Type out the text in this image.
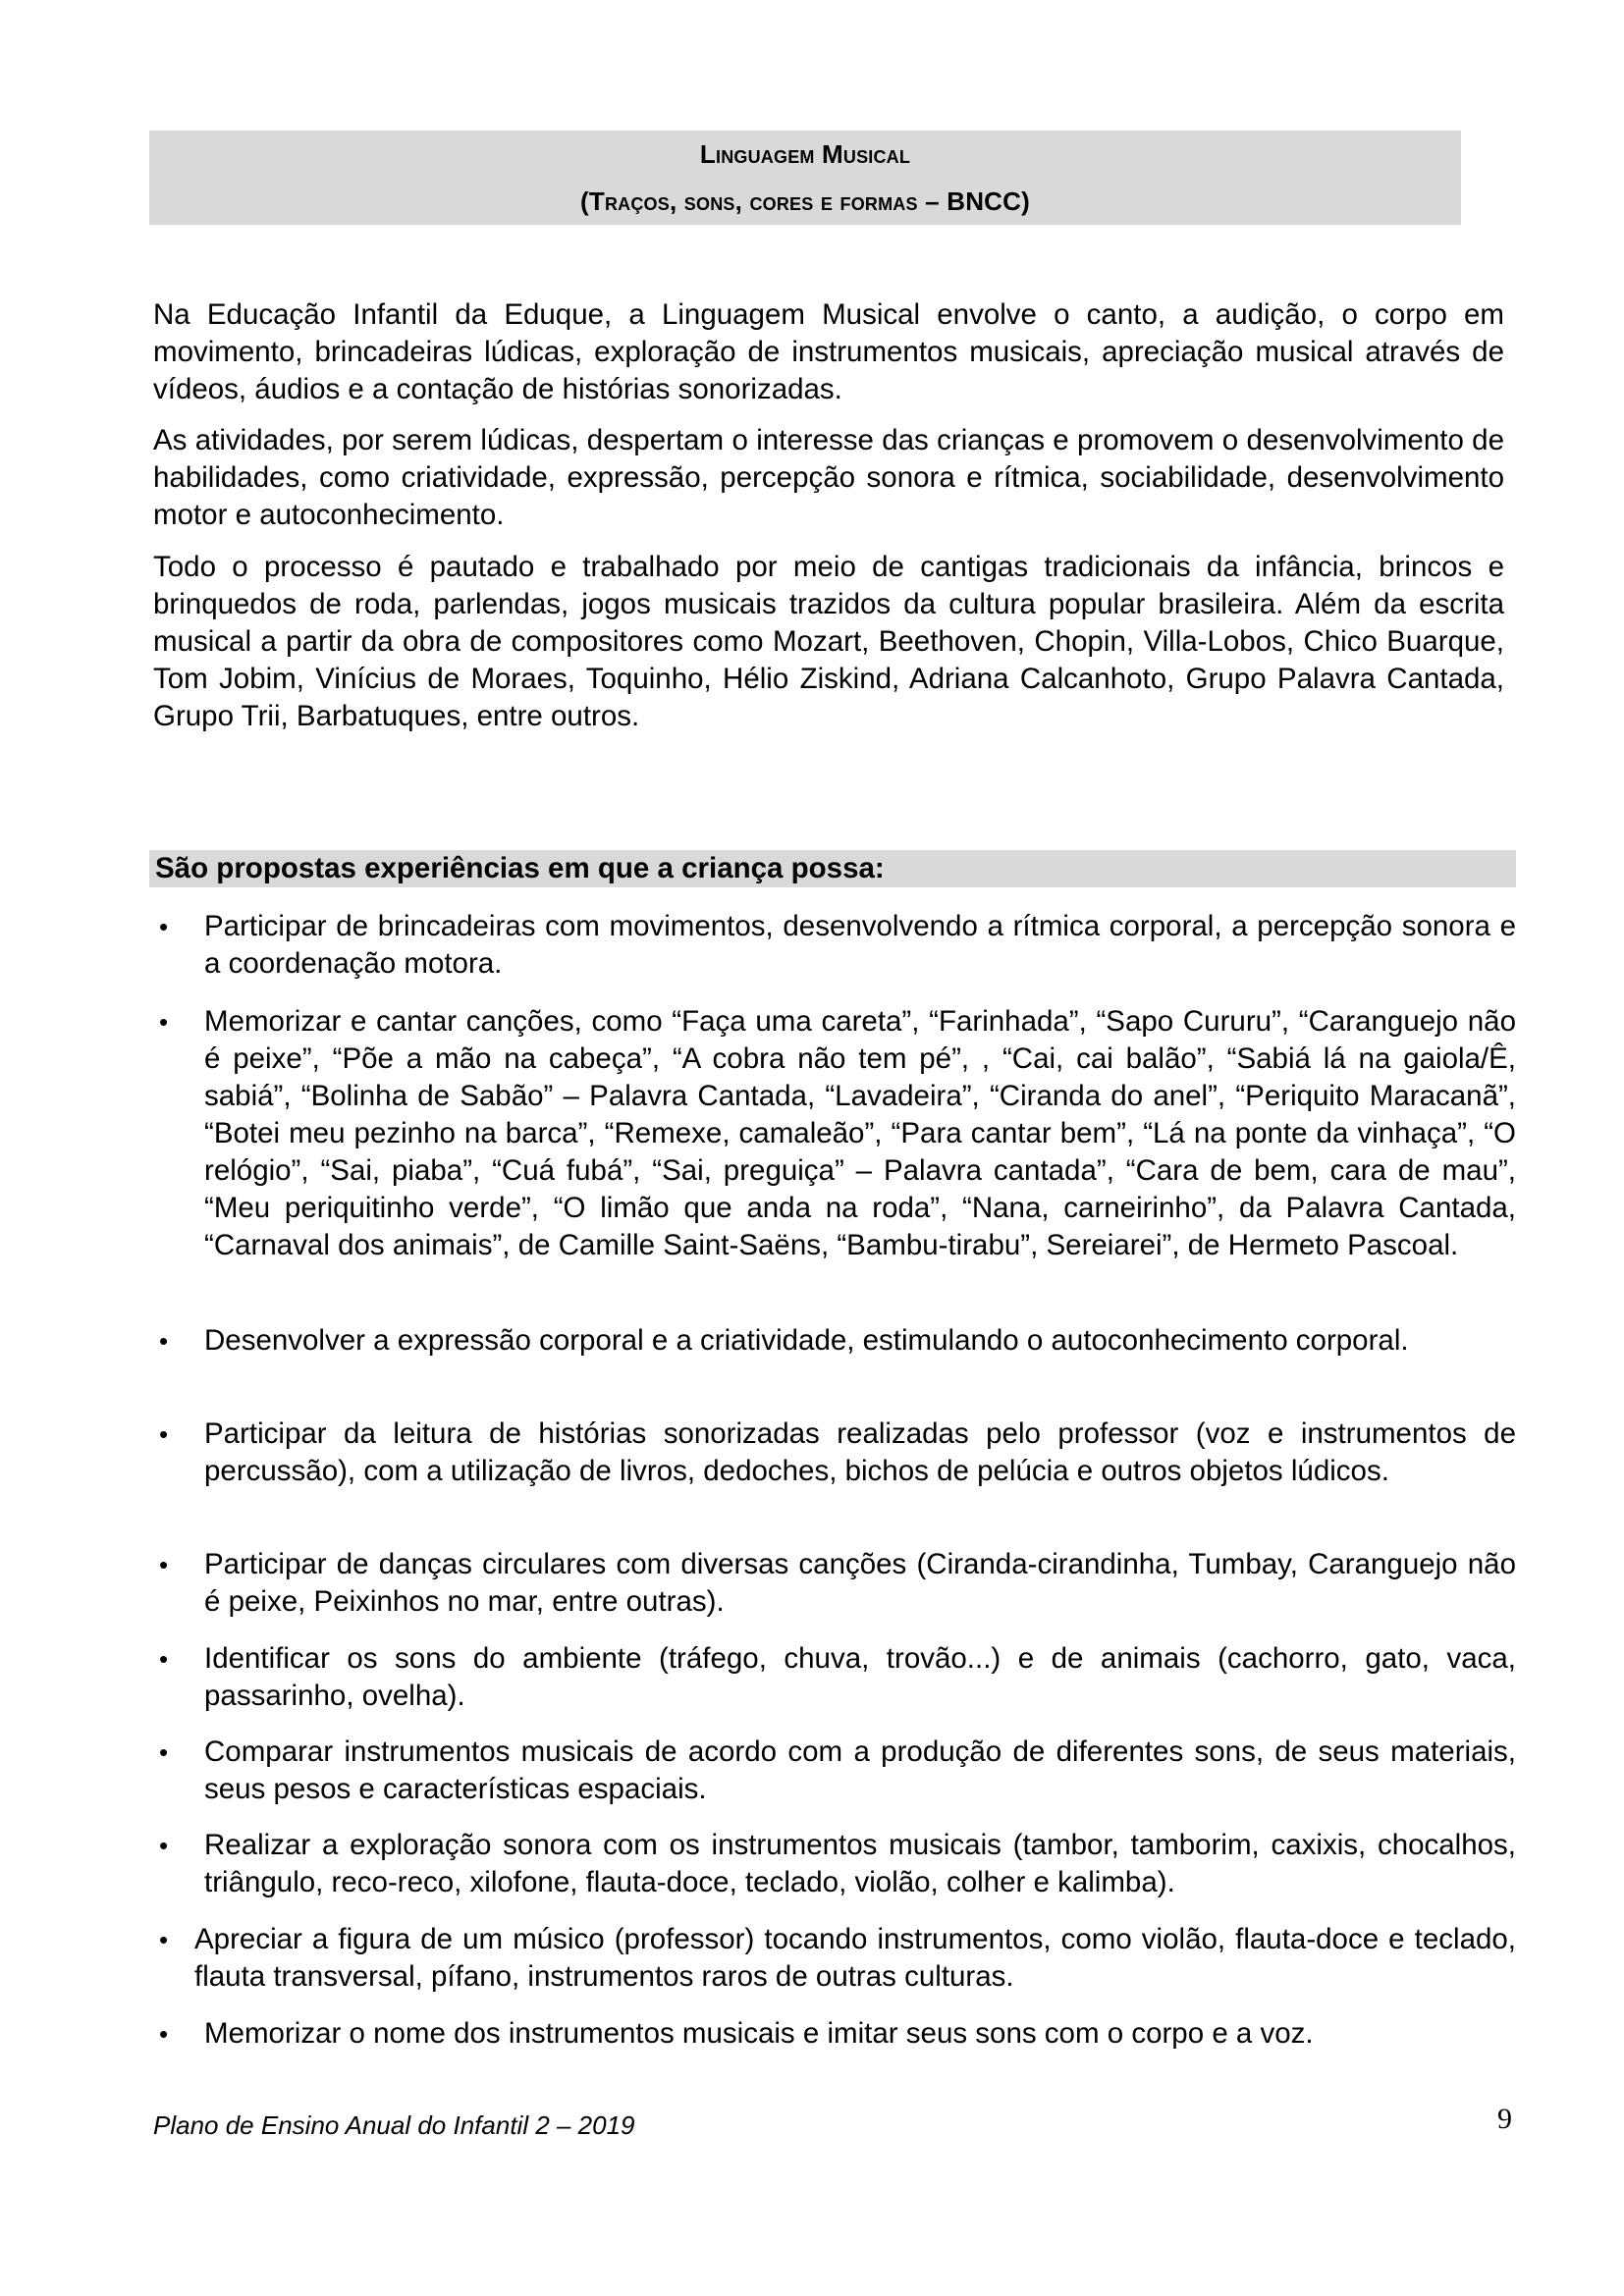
Linguagem Musical
(Traços, sons, cores e formas – BNCC)

Na Educação Infantil da Eduque, a Linguagem Musical envolve o canto, a audição, o corpo em movimento, brincadeiras lúdicas, exploração de instrumentos musicais, apreciação musical através de vídeos, áudios e a contação de histórias sonorizadas.

As atividades, por serem lúdicas, despertam o interesse das crianças e promovem o desenvolvimento de habilidades, como criatividade, expressão, percepção sonora e rítmica, sociabilidade, desenvolvimento motor e autoconhecimento.

Todo o processo é pautado e trabalhado por meio de cantigas tradicionais da infância, brincos e brinquedos de roda, parlendas, jogos musicais trazidos da cultura popular brasileira. Além da escrita musical a partir da obra de compositores como Mozart, Beethoven, Chopin, Villa-Lobos, Chico Buarque, Tom Jobim, Vinícius de Moraes, Toquinho, Hélio Ziskind, Adriana Calcanhoto, Grupo Palavra Cantada, Grupo Trii, Barbatuques, entre outros.

São propostas experiências em que a criança possa:
•	Participar de brincadeiras com movimentos, desenvolvendo a rítmica corporal, a percepção sonora e a coordenação motora.
•	Memorizar e cantar canções, como “Faça uma careta”, “Farinhada”, “Sapo Cururu”, “Caranguejo não é peixe”, “Põe a mão na cabeça”, “A cobra não tem pé”, , “Cai, cai balão”, “Sabiá lá na gaiola/Ê, sabiá”, “Bolinha de Sabão” – Palavra Cantada, “Lavadeira”, “Ciranda do anel”, “Periquito Maracanã”, “Botei meu pezinho na barca”, “Remexe, camaleão”, “Para cantar bem”, “Lá na ponte da vinhaça”, “O relógio”, “Sai, piaba”, “Cuá fubá”, “Sai, preguiça” – Palavra cantada”, “Cara de bem, cara de mau”, “Meu periquitinho verde”, “O limão que anda na roda”, “Nana, carneirinho”, da Palavra Cantada, “Carnaval dos animais”, de Camille Saint-Saëns, “Bambu-tirabu”, Sereiarei”, de Hermeto Pascoal.
•	Desenvolver a expressão corporal e a criatividade, estimulando o autoconhecimento corporal.
•	Participar da leitura de histórias sonorizadas realizadas pelo professor (voz e instrumentos de percussão), com a utilização de livros, dedoches, bichos de pelúcia e outros objetos lúdicos.
•	Participar de danças circulares com diversas canções (Ciranda-cirandinha, Tumbay, Caranguejo não é peixe, Peixinhos no mar, entre outras).
•	Identificar os sons do ambiente (tráfego, chuva, trovão...) e de animais (cachorro, gato, vaca, passarinho, ovelha).
•	Comparar instrumentos musicais de acordo com a produção de diferentes sons, de seus materiais, seus pesos e características espaciais.
•	Realizar a exploração sonora com os instrumentos musicais (tambor, tamborim, caxixis, chocalhos, triângulo, reco-reco, xilofone, flauta-doce, teclado, violão, colher e kalimba).
• Apreciar a figura de um músico (professor) tocando instrumentos, como violão, flauta-doce e teclado, flauta transversal, pífano, instrumentos raros de outras culturas.
•	Memorizar o nome dos instrumentos musicais e imitar seus sons com o corpo e a voz.
Plano de Ensino Anual do Infantil 2 – 2019	9
